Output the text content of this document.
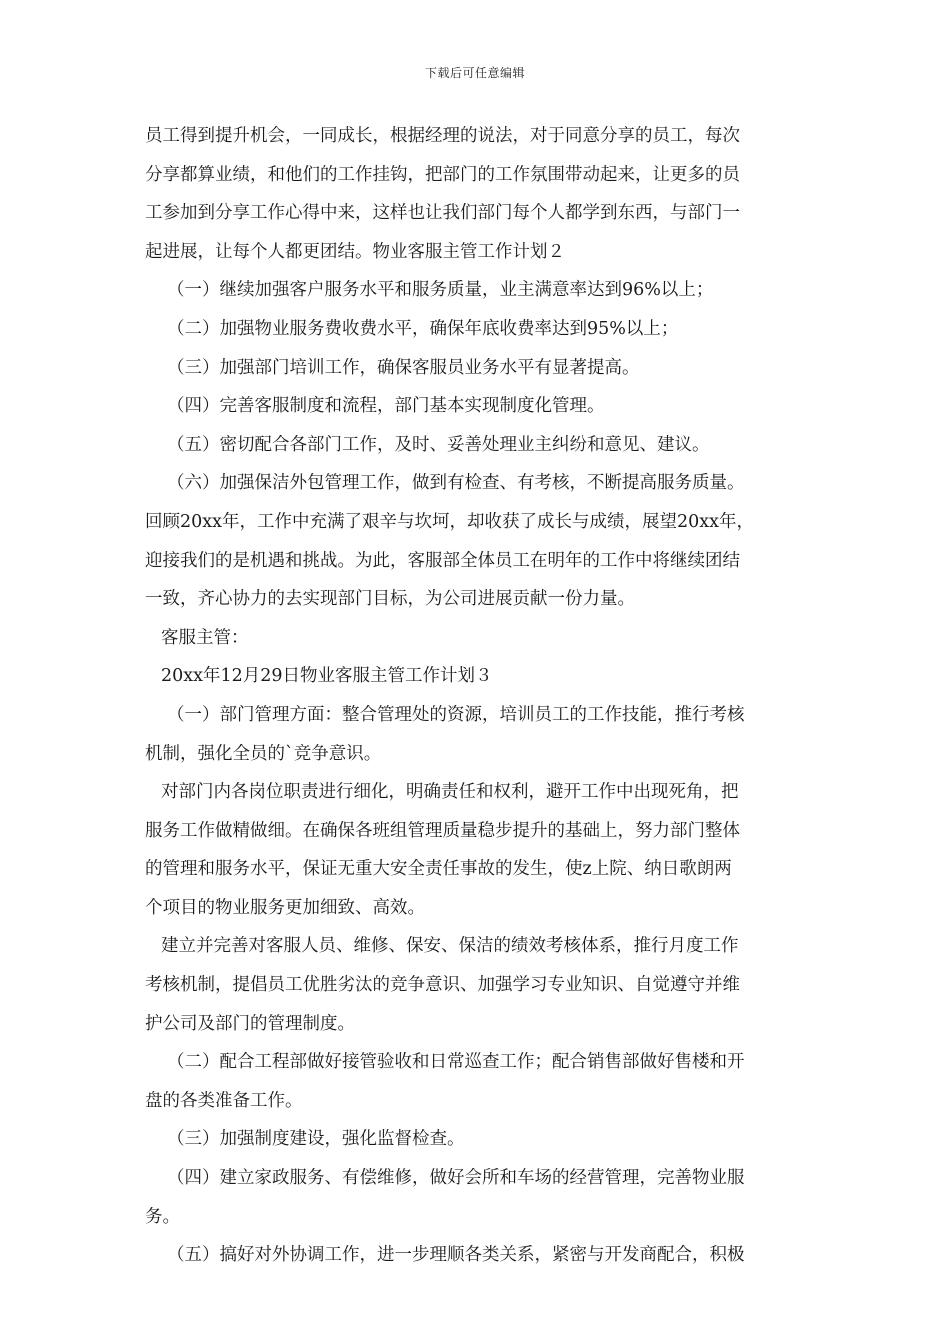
下载后可任意编辑
员工得到提升机会，一同成长，根据经理的说法，对于同意分享的员工，每次
分享都算业绩，和他们的工作挂钩，把部门的工作氛围带动起来，让更多的员
工参加到分享工作心得中来，这样也让我们部门每个人都学到东西，与部门一
起进展，让每个人都更团结。物业客服主管工作计划２
（一）继续加强客户服务水平和服务质量，业主满意率达到96%以上；
（二）加强物业服务费收费水平，确保年底收费率达到95%以上；
（三）加强部门培训工作，确保客服员业务水平有显著提高。
（四）完善客服制度和流程，部门基本实现制度化管理。
（五）密切配合各部门工作，及时、妥善处理业主纠纷和意见、建议。
（六）加强保洁外包管理工作，做到有检查、有考核，不断提高服务质量。
回顾20xx年，工作中充满了艰辛与坎坷，却收获了成长与成绩，展望20xx年，
迎接我们的是机遇和挑战。为此，客服部全体员工在明年的工作中将继续团结
一致，齐心协力的去实现部门目标，为公司进展贡献一份力量。
客服主管：
20xx年12月29日物业客服主管工作计划３
（一）部门管理方面：整合管理处的资源，培训员工的工作技能，推行考核
机制，强化全员的`竞争意识。
对部门内各岗位职责进行细化，明确责任和权利，避开工作中出现死角，把
服务工作做精做细。在确保各班组管理质量稳步提升的基础上，努力部门整体
的管理和服务水平，保证无重大安全责任事故的发生，使z上院、纳日歌朗两
个项目的物业服务更加细致、高效。
建立并完善对客服人员、维修、保安、保洁的绩效考核体系，推行月度工作
考核机制，提倡员工优胜劣汰的竞争意识、加强学习专业知识、自觉遵守并维
护公司及部门的管理制度。
（二）配合工程部做好接管验收和日常巡查工作；配合销售部做好售楼和开
盘的各类准备工作。
（三）加强制度建设，强化监督检查。
（四）建立家政服务、有偿维修，做好会所和车场的经营管理，完善物业服
务。
（五）搞好对外协调工作，进一步理顺各类关系，紧密与开发商配合，积极
